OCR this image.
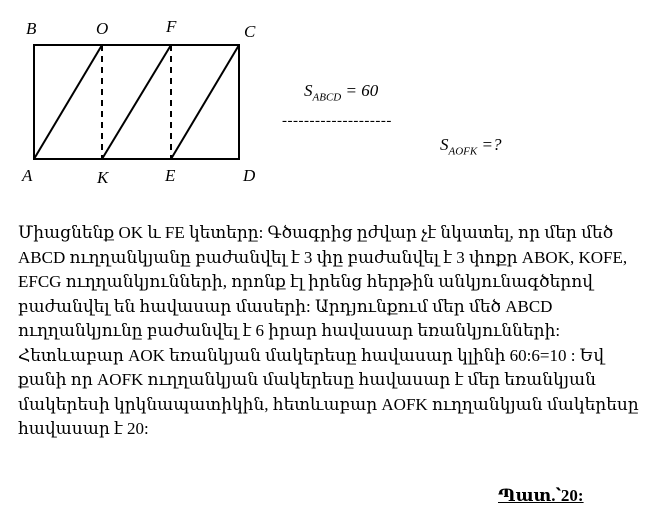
B	O	F	C
A	K	E	D
$S_{ABCD} = 60$
--------------------
$S_{AOFK}$ =?

Միացնենք OK և FE կետերը: Գծագրից ըժվար չէ նկատել, որ մեր մեծ ABCD ուղղանկյանը բաժանվել է 3 փը բաժանվել է 3 փոքր ABOK, KOFE, EFCG ուղղանկյունների, որոնք էլ իրենց հերթին անկյունագծերով բաժանվել են հավասար մասերի: Արդյունքում մեր մեծ ABCD ուղղանկյունը բաժանվել է 6 իրար հավասար եռանկյունների: Հետևաբար AOK եռանկյան մակերեսը հավասար կլինի 60:6=10 : Եվ քանի որ AOFK ուղղանկյան մակերեսը հավասար է մեր եռանկյան մակերեսի կրկնապատիկին, հետևաբար AOFK ուղղանկյան մակերեսը հավասար է 20:

Պատ.՝20:
